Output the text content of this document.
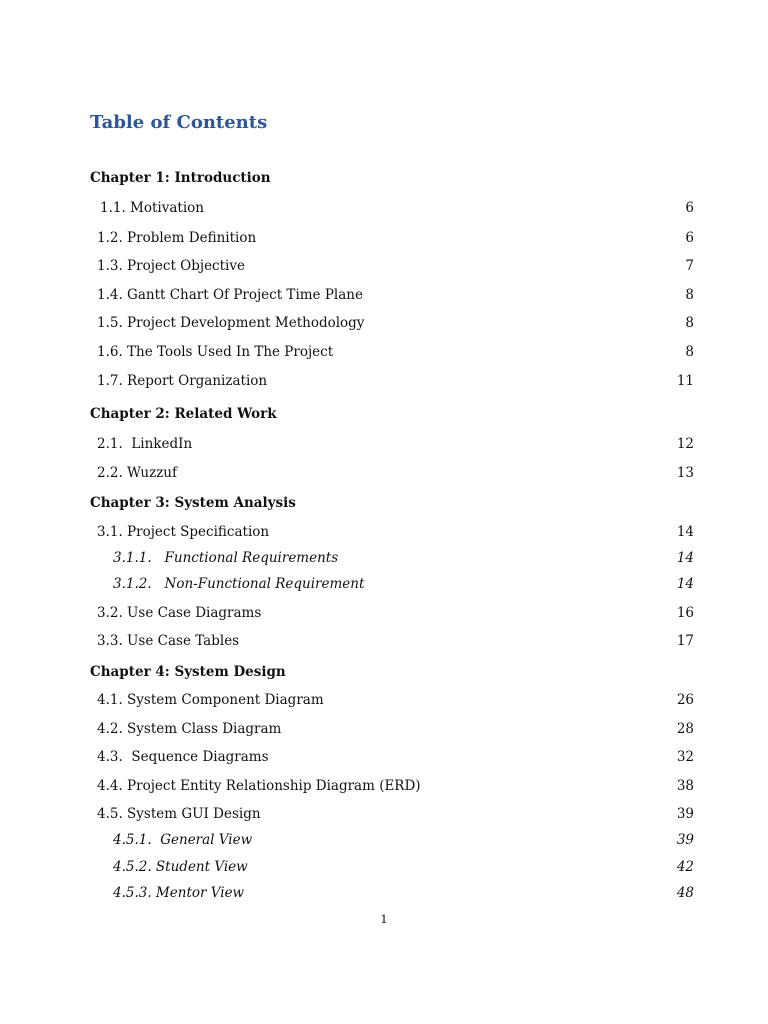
Table of Contents
Chapter 1: Introduction
1.1. Motivation	6
1.2. Problem Definition	6
1.3. Project Objective	7
1.4. Gantt Chart Of Project Time Plane	8
1.5. Project Development Methodology	8
1.6. The Tools Used In The Project	8
1.7. Report Organization	11
Chapter 2: Related Work
2.1.  LinkedIn	12
2.2. Wuzzuf	13
Chapter 3: System Analysis
3.1. Project Specification	14
3.1.1.   Functional Requirements	14
3.1.2.   Non-Functional Requirement	14
3.2. Use Case Diagrams	16
3.3. Use Case Tables	17
Chapter 4: System Design
4.1. System Component Diagram	26
4.2. System Class Diagram	28
4.3.  Sequence Diagrams	32
4.4. Project Entity Relationship Diagram (ERD)	38
4.5. System GUI Design	39
4.5.1.  General View	39
4.5.2. Student View	42
4.5.3. Mentor View	48
1
